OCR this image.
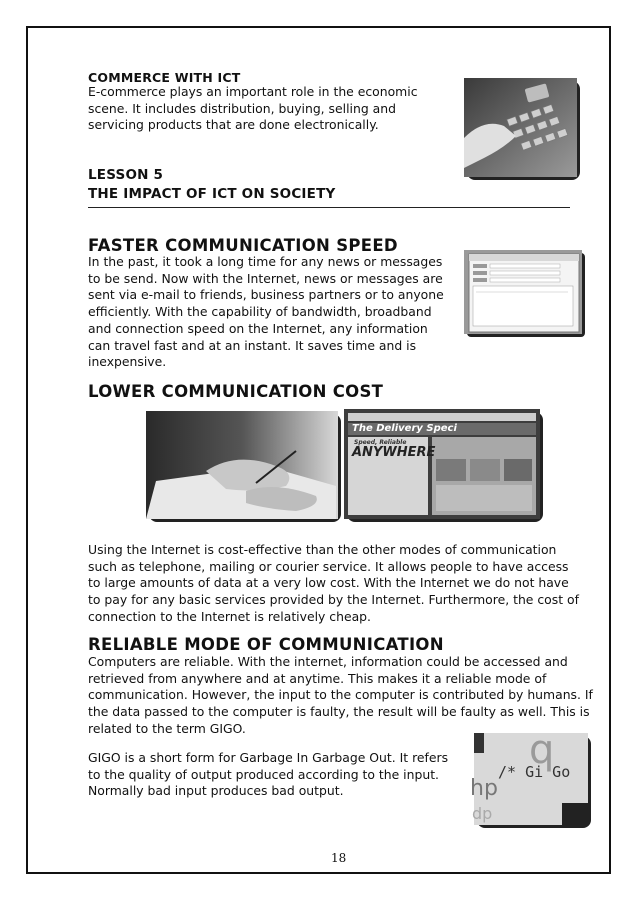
COMMERCE WITH ICT

E-commerce plays an important role in the economic scene. It includes distribution, buying, selling and servicing products that are done electronically.

LESSON 5
THE IMPACT OF ICT ON SOCIETY
FASTER COMMUNICATION SPEED

In the past, it took a long time for any news or messages to be send. Now with the Internet, news or messages are sent via e-mail to friends, business partners or to anyone efficiently. With the capability of bandwidth, broadband and connection speed on the Internet, any information can travel fast and at an instant. It saves time and is inexpensive.

LOWER COMMUNICATION COST
The Delivery Speci
Speed, Reliable
ANYWHERE

Using the Internet is cost-effective than the other modes of communication such as telephone, mailing or courier service. It allows people to have access to large amounts of data at a very low cost. With the Internet we do not have to pay for any basic services provided by the Internet. Furthermore, the cost of connection to the Internet is relatively cheap.

RELIABLE MODE OF COMMUNICATION

Computers are reliable. With the internet, information could be accessed and retrieved from anywhere and at anytime. This makes it a reliable mode of communication. However, the input to the computer is contributed by humans. If the data passed to the computer is faulty, the result will be faulty as well. This is related to the term GIGO.

GIGO is a short form for Garbage In Garbage Out. It refers to the quality of output produced according to the input. Normally bad input produces bad output.

q
hp
dp
/* Gi Go
18
